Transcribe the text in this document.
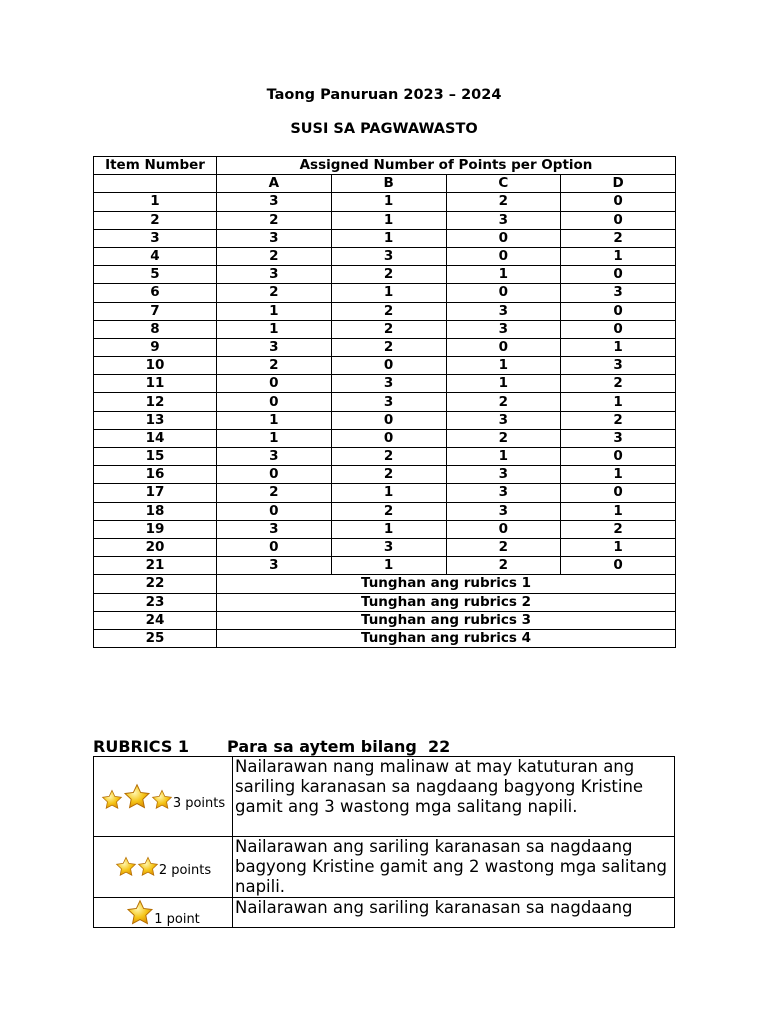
Taong Panuruan 2023 – 2024

SUSI SA PAGWAWASTO

Item Number	Assigned Number of Points per Option			
	A	B	C	D
1	3	1	2	0
2	2	1	3	0
3	3	1	0	2
4	2	3	0	1
5	3	2	1	0
6	2	1	0	3
7	1	2	3	0
8	1	2	3	0
9	3	2	0	1
10	2	0	1	3
11	0	3	1	2
12	0	3	2	1
13	1	0	3	2
14	1	0	2	3
15	3	2	1	0
16	0	2	3	1
17	2	1	3	0
18	0	2	3	1
19	3	1	0	2
20	0	3	2	1
21	3	1	2	0
22	Tunghan ang rubrics 1			
23	Tunghan ang rubrics 2			
24	Tunghan ang rubrics 3			
25	Tunghan ang rubrics 4			

RUBRICS 1 Para sa aytem bilang  22

3 points	Nailarawan nang malinaw at may katuturan ang sariling karanasan sa nagdaang bagyong Kristine gamit ang 3 wastong mga salitang napili.
2 points	Nailarawan ang sariling karanasan sa nagdaang bagyong Kristine gamit ang 2 wastong mga salitang napili.
1 point	Nailarawan ang sariling karanasan sa nagdaang
